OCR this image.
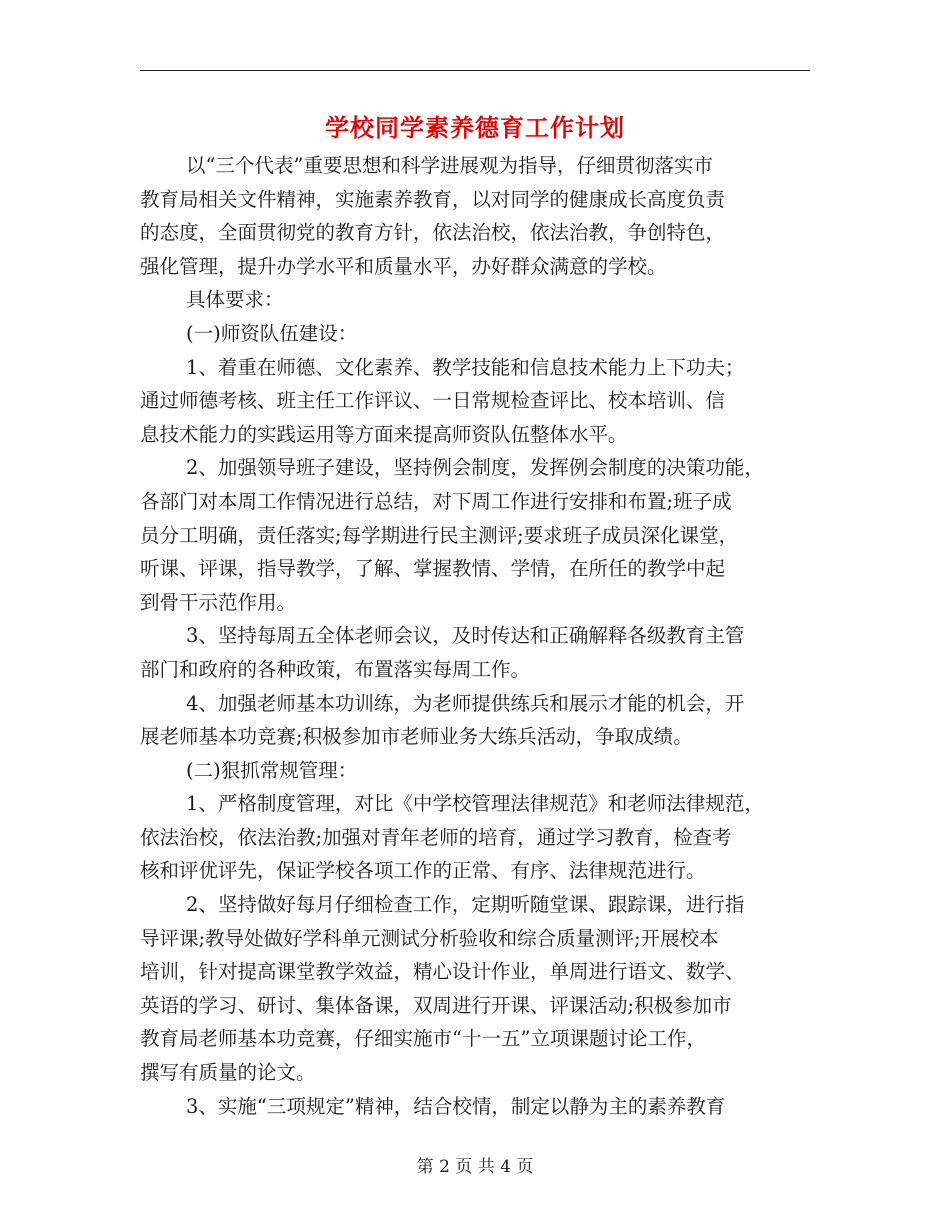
学校同学素养德育工作计划
以“三个代表”重要思想和科学进展观为指导，仔细贯彻落实市
教育局相关文件精神，实施素养教育，以对同学的健康成长高度负责
的态度，全面贯彻党的教育方针，依法治校，依法治教，争创特色，
强化管理，提升办学水平和质量水平，办好群众满意的学校。
具体要求：
(一)师资队伍建设：
1、着重在师德、文化素养、教学技能和信息技术能力上下功夫；
通过师德考核、班主任工作评议、一日常规检查评比、校本培训、信
息技术能力的实践运用等方面来提高师资队伍整体水平。
2、加强领导班子建设，坚持例会制度，发挥例会制度的决策功能，
各部门对本周工作情况进行总结，对下周工作进行安排和布置;班子成
员分工明确，责任落实;每学期进行民主测评;要求班子成员深化课堂，
听课、评课，指导教学，了解、掌握教情、学情，在所任的教学中起
到骨干示范作用。
3、坚持每周五全体老师会议，及时传达和正确解释各级教育主管
部门和政府的各种政策，布置落实每周工作。
4、加强老师基本功训练，为老师提供练兵和展示才能的机会，开
展老师基本功竞赛;积极参加市老师业务大练兵活动，争取成绩。
(二)狠抓常规管理：
1、严格制度管理，对比《中学校管理法律规范》和老师法律规范，
依法治校，依法治教;加强对青年老师的培育，通过学习教育，检查考
核和评优评先，保证学校各项工作的正常、有序、法律规范进行。
2、坚持做好每月仔细检查工作，定期听随堂课、跟踪课，进行指
导评课;教导处做好学科单元测试分析验收和综合质量测评;开展校本
培训，针对提高课堂教学效益，精心设计作业，单周进行语文、数学、
英语的学习、研讨、集体备课，双周进行开课、评课活动;积极参加市
教育局老师基本功竞赛，仔细实施市“十一五”立项课题讨论工作，
撰写有质量的论文。
3、实施“三项规定”精神，结合校情，制定以静为主的素养教育
第 2 页 共 4 页
